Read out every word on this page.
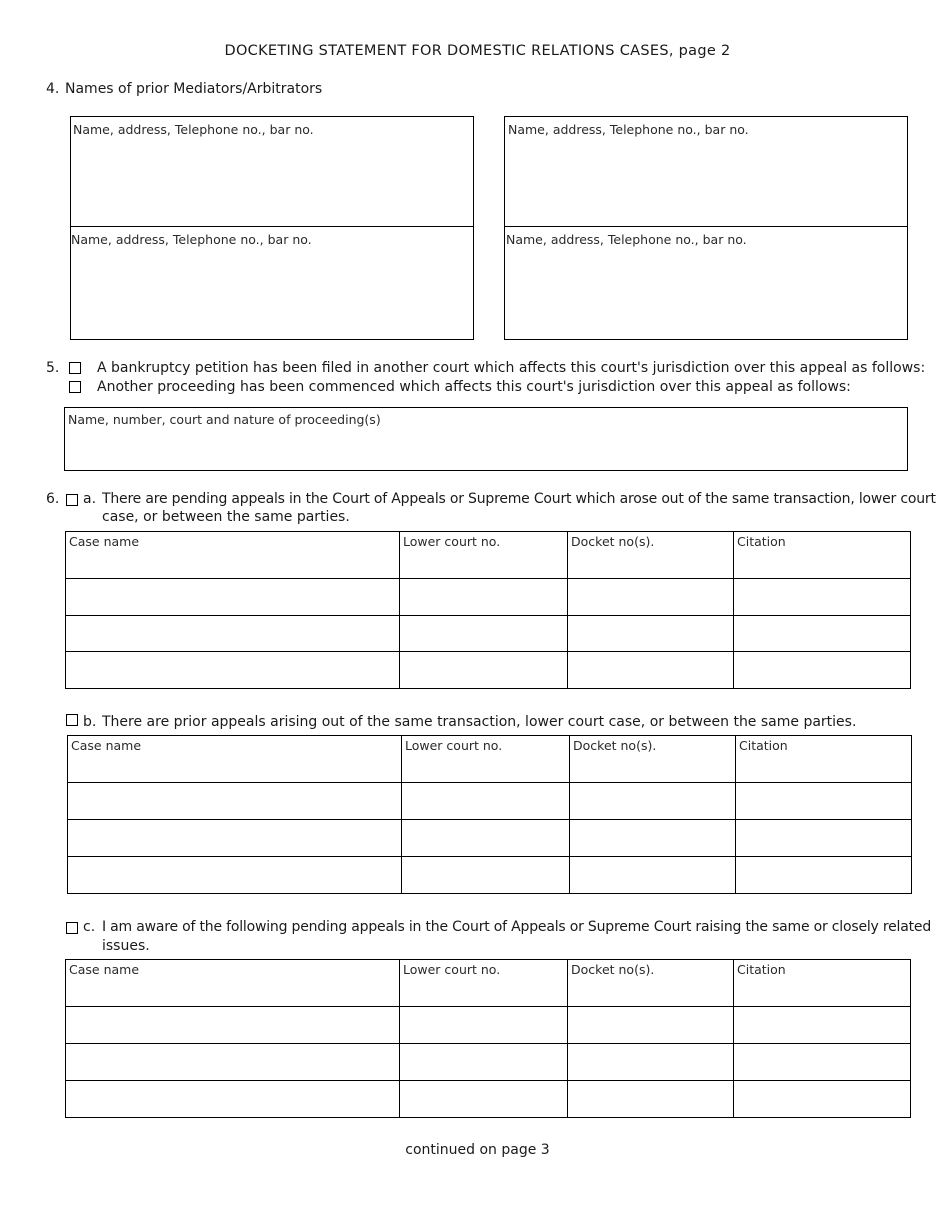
DOCKETING STATEMENT FOR DOMESTIC RELATIONS CASES, page 2
4. Names of prior Mediators/Arbitrators
Name, address, Telephone no., bar no.
Name, address, Telephone no., bar no.
Name, address, Telephone no., bar no.
Name, address, Telephone no., bar no.
5.	A bankruptcy petition has been filed in another court which affects this court's jurisdiction over this appeal as follows:
Another proceeding has been commenced which affects this court's jurisdiction over this appeal as follows:
Name, number, court and nature of proceeding(s)
6. a. There are pending appeals in the Court of Appeals or Supreme Court which arose out of the same transaction, lower court
case, or between the same parties.
Case name	Lower court no.	Docket no(s).	Citation

b. There are prior appeals arising out of the same transaction, lower court case, or between the same parties.
Case name	Lower court no.	Docket no(s).	Citation

c. I am aware of the following pending appeals in the Court of Appeals or Supreme Court raising the same or closely related
issues.
Case name	Lower court no.	Docket no(s).	Citation

continued on page 3
